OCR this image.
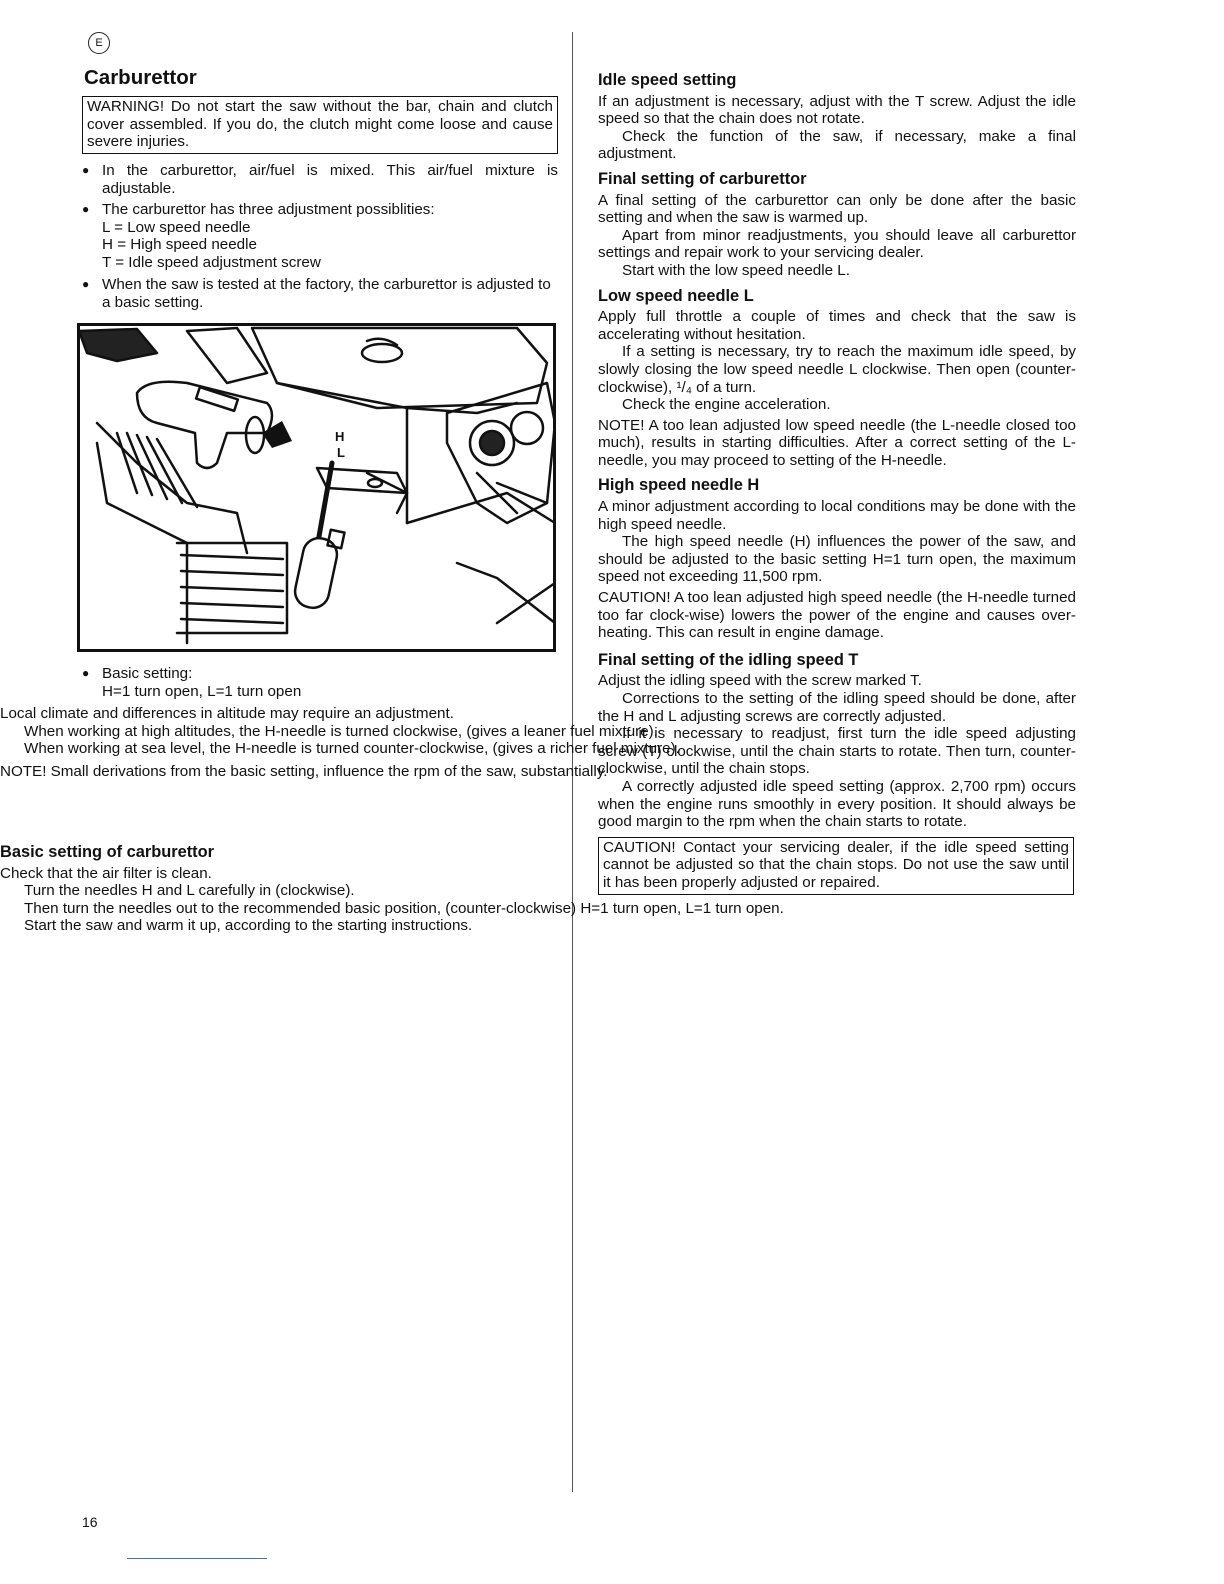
E
Carburettor
WARNING! Do not start the saw without the bar, chain and clutch cover assembled. If you do, the clutch might come loose and cause severe injuries.

● In the carburettor, air/fuel is mixed. This air/fuel mixture is adjustable.

● The carburettor has three adjustment possiblities:

L = Low speed needle
H = High speed needle
T = Idle speed adjustment screw

● When the saw is tested at the factory, the carburettor is adjusted to a basic setting.

T	H
L
● Basic setting:
H=1 turn open, L=1 turn open

Local climate and differences in altitude may require an adjustment.

When working at high altitudes, the H-needle is turned clockwise, (gives a leaner fuel mixture).

When working at sea level, the H-needle is turned counter-clockwise, (gives a richer fuel mixture).

NOTE! Small derivations from the basic setting, influence the rpm of the saw, substantially.

Basic setting of carburettor

Check that the air filter is clean.

Turn the needles H and L carefully in (clockwise).

Then turn the needles out to the recommended basic position, (counter-clockwise) H=1 turn open, L=1 turn open.

Start the saw and warm it up, according to the starting instructions.

Idle speed setting

If an adjustment is necessary, adjust with the T screw. Adjust the idle speed so that the chain does not rotate.

Check the function of the saw, if necessary, make a final adjustment.

Final setting of carburettor

A final setting of the carburettor can only be done after the basic setting and when the saw is warmed up.

Apart from minor readjustments, you should leave all carburettor settings and repair work to your servicing dealer.

Start with the low speed needle L.

Low speed needle L

Apply full throttle a couple of times and check that the saw is accelerating without hesitation.

If a setting is necessary, try to reach the maximum idle speed, by slowly closing the low speed needle L clockwise. Then open (counter-clockwise), ¹/₄ of a turn.

Check the engine acceleration.

NOTE! A too lean adjusted low speed needle (the L-needle closed too much), results in starting difficulties. After a correct setting of the L-needle, you may proceed to setting of the H-needle.

High speed needle H

A minor adjustment according to local conditions may be done with the high speed needle.

The high speed needle (H) influences the power of the saw, and should be adjusted to the basic setting H=1 turn open, the maximum speed not exceeding 11,500 rpm.

CAUTION! A too lean adjusted high speed needle (the H-needle turned too far clock-wise) lowers the power of the engine and causes over-heating. This can result in engine damage.

Final setting of the idling speed T

Adjust the idling speed with the screw marked T.

Corrections to the setting of the idling speed should be done, after the H and L adjusting screws are correctly adjusted.

If it is necessary to readjust, first turn the idle speed adjusting screw (T) clockwise, until the chain starts to rotate. Then turn, counter-clockwise, until the chain stops.

A correctly adjusted idle speed setting (approx. 2,700 rpm) occurs when the engine runs smoothly in every position. It should always be good margin to the rpm when the chain starts to rotate.

CAUTION! Contact your servicing dealer, if the idle speed setting cannot be adjusted so that the chain stops. Do not use the saw until it has been properly adjusted or repaired.

16
